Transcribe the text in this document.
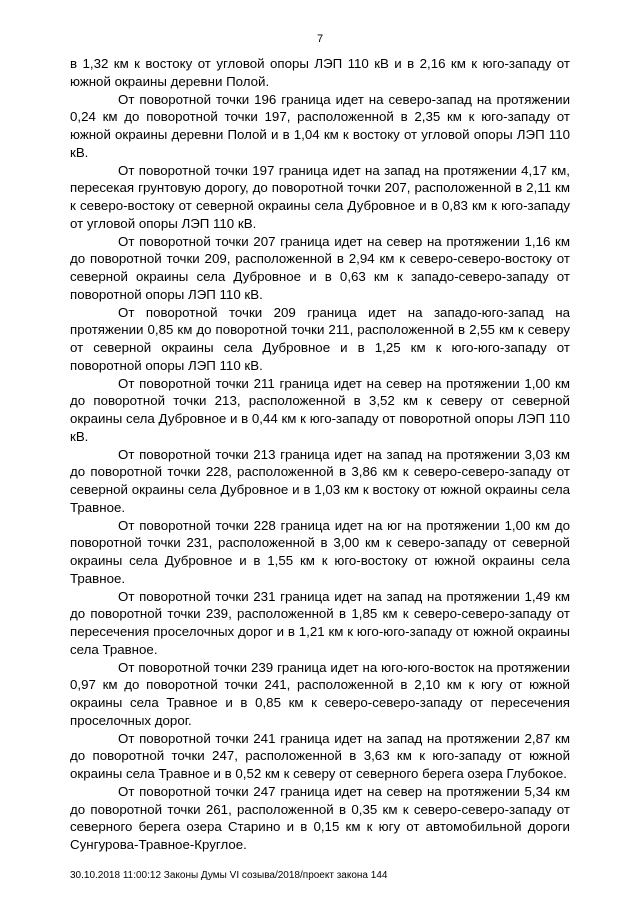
7

в 1,32 км к востоку от угловой опоры ЛЭП 110 кВ и в 2,16 км к юго-западу от южной окраины деревни Полой.

От поворотной точки 196 граница идет на северо-запад на протяжении 0,24 км до поворотной точки 197, расположенной в 2,35 км к юго-западу от южной окраины деревни Полой и в 1,04 км к востоку от угловой опоры ЛЭП 110 кВ.

От поворотной точки 197 граница идет на запад на протяжении 4,17 км, пересекая грунтовую дорогу, до поворотной точки 207, расположенной в 2,11 км к северо-востоку от северной окраины села Дубровное и в 0,83 км к юго-западу от угловой опоры ЛЭП 110 кВ.

От поворотной точки 207 граница идет на север на протяжении 1,16 км до поворотной точки 209, расположенной в 2,94 км к северо-северо-востоку от северной окраины села Дубровное и в 0,63 км к западо-северо-западу от поворотной опоры ЛЭП 110 кВ.

От поворотной точки 209 граница идет на западо-юго-запад на протяжении 0,85 км до поворотной точки 211, расположенной в 2,55 км к северу от северной окраины села Дубровное и в 1,25 км к юго-юго-западу от поворотной опоры ЛЭП 110 кВ.

От поворотной точки 211 граница идет на север на протяжении 1,00 км до поворотной точки 213, расположенной в 3,52 км к северу от северной окраины села Дубровное и в 0,44 км к юго-западу от поворотной опоры ЛЭП 110 кВ.

От поворотной точки 213 граница идет на запад на протяжении 3,03 км до поворотной точки 228, расположенной в 3,86 км к северо-северо-западу от северной окраины села Дубровное и в 1,03 км к востоку от южной окраины села Травное.

От поворотной точки 228 граница идет на юг на протяжении 1,00 км до поворотной точки 231, расположенной в 3,00 км к северо-западу от северной окраины села Дубровное и в 1,55 км к юго-востоку от южной окраины села Травное.

От поворотной точки 231 граница идет на запад на протяжении 1,49 км до поворотной точки 239, расположенной в 1,85 км к северо-северо-западу от пересечения проселочных дорог и в 1,21 км к юго-юго-западу от южной окраины села Травное.

От поворотной точки 239 граница идет на юго-юго-восток на протяжении 0,97 км до поворотной точки 241, расположенной в 2,10 км к югу от южной окраины села Травное и в 0,85 км к северо-северо-западу от пересечения проселочных дорог.

От поворотной точки 241 граница идет на запад на протяжении 2,87 км до поворотной точки 247, расположенной в 3,63 км к юго-западу от южной окраины села Травное и в 0,52 км к северу от северного берега озера Глубокое.

От поворотной точки 247 граница идет на север на протяжении 5,34 км до поворотной точки 261, расположенной в 0,35 км к северо-северо-западу от северного берега озера Старино и в 0,15 км к югу от автомобильной дороги Сунгурова-Травное-Круглое.

30.10.2018 11:00:12 Законы Думы VI созыва/2018/проект закона 144
